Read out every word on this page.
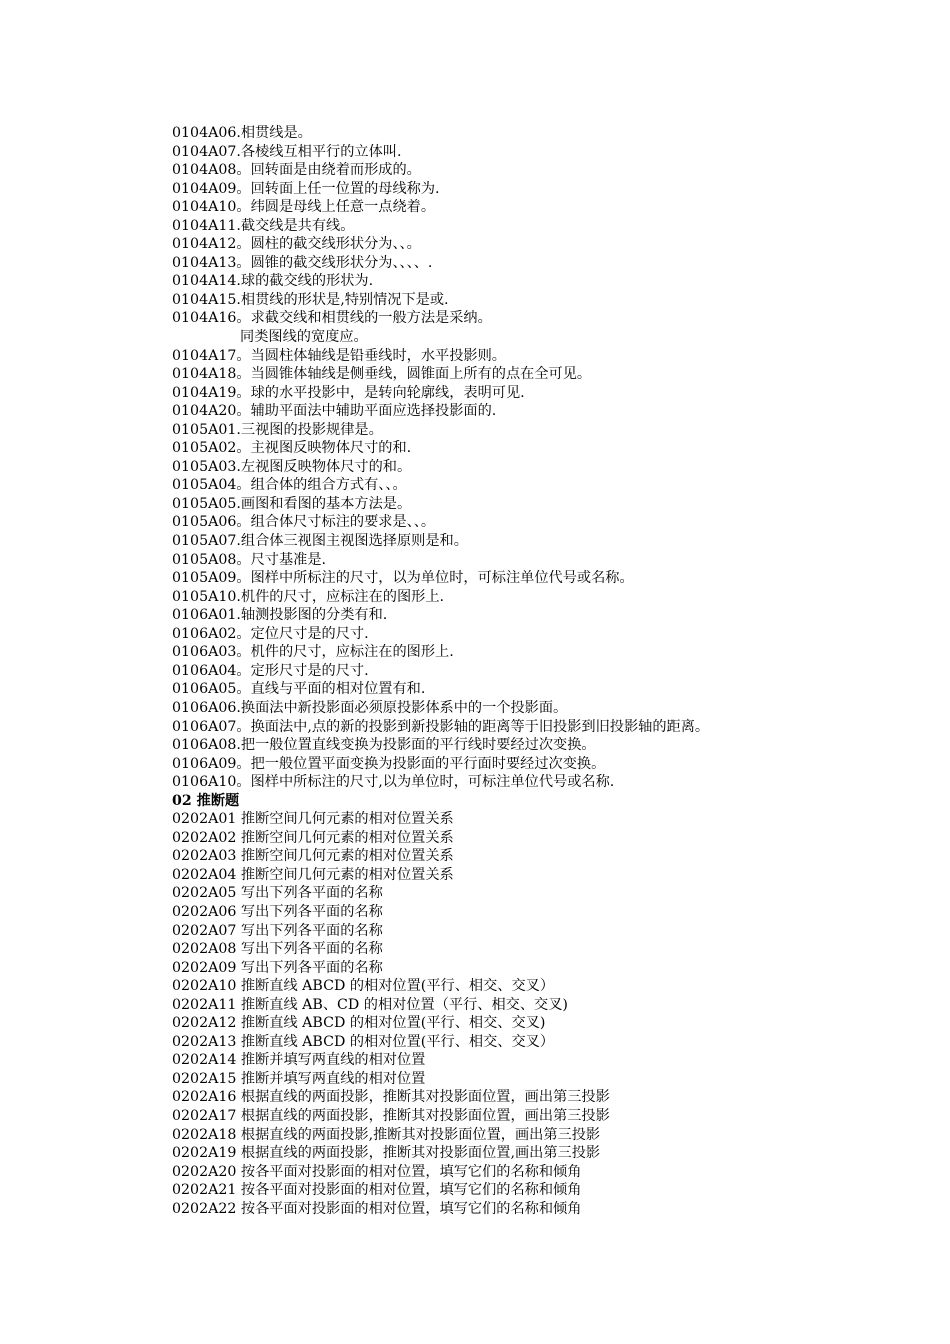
0104A06.相贯线是。
0104A07.各棱线互相平行的立体叫.
0104A08。回转面是由绕着而形成的。
0104A09。回转面上任一位置的母线称为.
0104A10。纬圆是母线上任意一点绕着。
0104A11.截交线是共有线。
0104A12。圆柱的截交线形状分为、、。
0104A13。圆锥的截交线形状分为、、、、.
0104A14.球的截交线的形状为.
0104A15.相贯线的形状是,特别情况下是或.
0104A16。求截交线和相贯线的一般方法是采纳。
同类图线的宽度应。
0104A17。当圆柱体轴线是铅垂线时，水平投影则。
0104A18。当圆锥体轴线是侧垂线，圆锥面上所有的点在全可见。
0104A19。球的水平投影中，是转向轮廓线，表明可见.
0104A20。辅助平面法中辅助平面应选择投影面的.
0105A01.三视图的投影规律是。
0105A02。主视图反映物体尺寸的和.
0105A03.左视图反映物体尺寸的和。
0105A04。组合体的组合方式有、、。
0105A05.画图和看图的基本方法是。
0105A06。组合体尺寸标注的要求是、、。
0105A07.组合体三视图主视图选择原则是和。
0105A08。尺寸基准是.
0105A09。图样中所标注的尺寸，以为单位时，可标注单位代号或名称。
0105A10.机件的尺寸，应标注在的图形上.
0106A01.轴测投影图的分类有和.
0106A02。定位尺寸是的尺寸.
0106A03。机件的尺寸，应标注在的图形上.
0106A04。定形尺寸是的尺寸.
0106A05。直线与平面的相对位置有和.
0106A06.换面法中新投影面必须原投影体系中的一个投影面。
0106A07。换面法中,点的新的投影到新投影轴的距离等于旧投影到旧投影轴的距离。
0106A08.把一般位置直线变换为投影面的平行线时要经过次变换。
0106A09。把一般位置平面变换为投影面的平行面时要经过次变换。
0106A10。图样中所标注的尺寸,以为单位时，可标注单位代号或名称.
02 推断题
0202A01 推断空间几何元素的相对位置关系
0202A02 推断空间几何元素的相对位置关系
0202A03 推断空间几何元素的相对位置关系
0202A04 推断空间几何元素的相对位置关系
0202A05 写出下列各平面的名称
0202A06 写出下列各平面的名称
0202A07 写出下列各平面的名称
0202A08 写出下列各平面的名称
0202A09 写出下列各平面的名称
0202A10 推断直线 ABCD 的相对位置(平行、相交、交叉）
0202A11 推断直线 AB、CD 的相对位置（平行、相交、交叉)
0202A12 推断直线 ABCD 的相对位置(平行、相交、交叉)
0202A13 推断直线 ABCD 的相对位置(平行、相交、交叉）
0202A14 推断并填写两直线的相对位置
0202A15 推断并填写两直线的相对位置
0202A16 根据直线的两面投影，推断其对投影面位置，画出第三投影
0202A17 根据直线的两面投影，推断其对投影面位置，画出第三投影
0202A18 根据直线的两面投影,推断其对投影面位置，画出第三投影
0202A19 根据直线的两面投影，推断其对投影面位置,画出第三投影
0202A20 按各平面对投影面的相对位置，填写它们的名称和倾角
0202A21 按各平面对投影面的相对位置，填写它们的名称和倾角
0202A22 按各平面对投影面的相对位置，填写它们的名称和倾角
